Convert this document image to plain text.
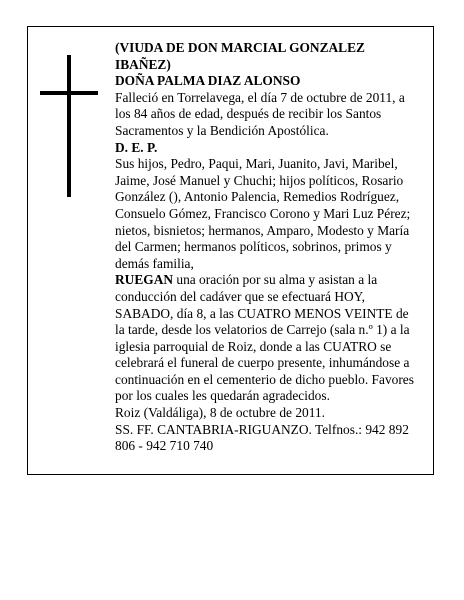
(VIUDA DE DON MARCIAL GONZALEZ IBAÑEZ)

DOÑA PALMA DIAZ ALONSO

Falleció en Torrelavega, el día 7 de octubre de 2011, a los 84 años de edad, después de recibir los Santos Sacramentos y la Bendición Apostólica.

D. E. P.

Sus hijos, Pedro, Paqui, Mari, Juanito, Javi, Maribel, Jaime, José Manuel y Chuchi; hijos políticos, Rosario González (), Antonio Palencia, Remedios Rodríguez, Consuelo Gómez, Francisco Corono y Mari Luz Pérez; nietos, bisnietos; hermanos, Amparo, Modesto y María del Carmen; hermanos políticos, sobrinos, primos y demás familia,

RUEGAN una oración por su alma y asistan a la conducción del cadáver que se efectuará HOY, SABADO, día 8, a las CUATRO MENOS VEINTE de la tarde, desde los velatorios de Carrejo (sala n.º 1) a la iglesia parroquial de Roiz, donde a las CUATRO se celebrará el funeral de cuerpo presente, inhumándose a continuación en el cementerio de dicho pueblo. Favores por los cuales les quedarán agradecidos.

Roiz (Valdáliga), 8 de octubre de 2011.

SS. FF. CANTABRIA-RIGUANZO. Telfnos.: 942 892 806 - 942 710 740
